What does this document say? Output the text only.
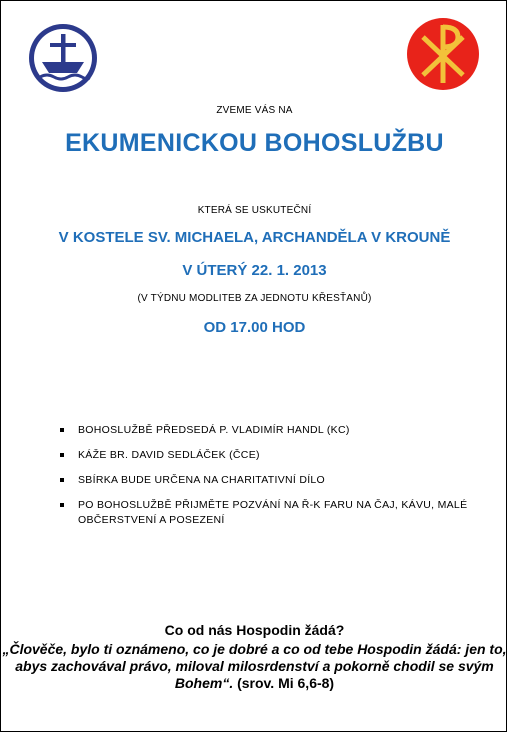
ZVEME VÁS NA
EKUMENICKOU BOHOSLUŽBU
KTERÁ SE USKUTEČNÍ
V KOSTELE SV. MICHAELA, ARCHANDĚLA V KROUNĚ
V ÚTERÝ 22. 1. 2013
(V TÝDNU MODLITEB ZA JEDNOTU KŘESŤANŮ)
OD 17.00 HOD
BOHOSLUŽBĚ PŘEDSEDÁ P. VLADIMÍR HANDL (KC)
KÁŽE BR. DAVID SEDLÁČEK (ČCE)
SBÍRKA BUDE URČENA NA CHARITATIVNÍ DÍLO
PO BOHOSLUŽBĚ PŘIJMĚTE POZVÁNÍ NA Ř-K FARU NA ČAJ, KÁVU, MALÉ OBČERSTVENÍ A POSEZENÍ
Co od nás Hospodin žádá?
„Člověče, bylo ti oznámeno, co je dobré a co od tebe Hospodin žádá: jen to, abys zachovával právo, miloval milosrdenství a pokorně chodil se svým Bohem“. (srov. Mi 6,6-8)
